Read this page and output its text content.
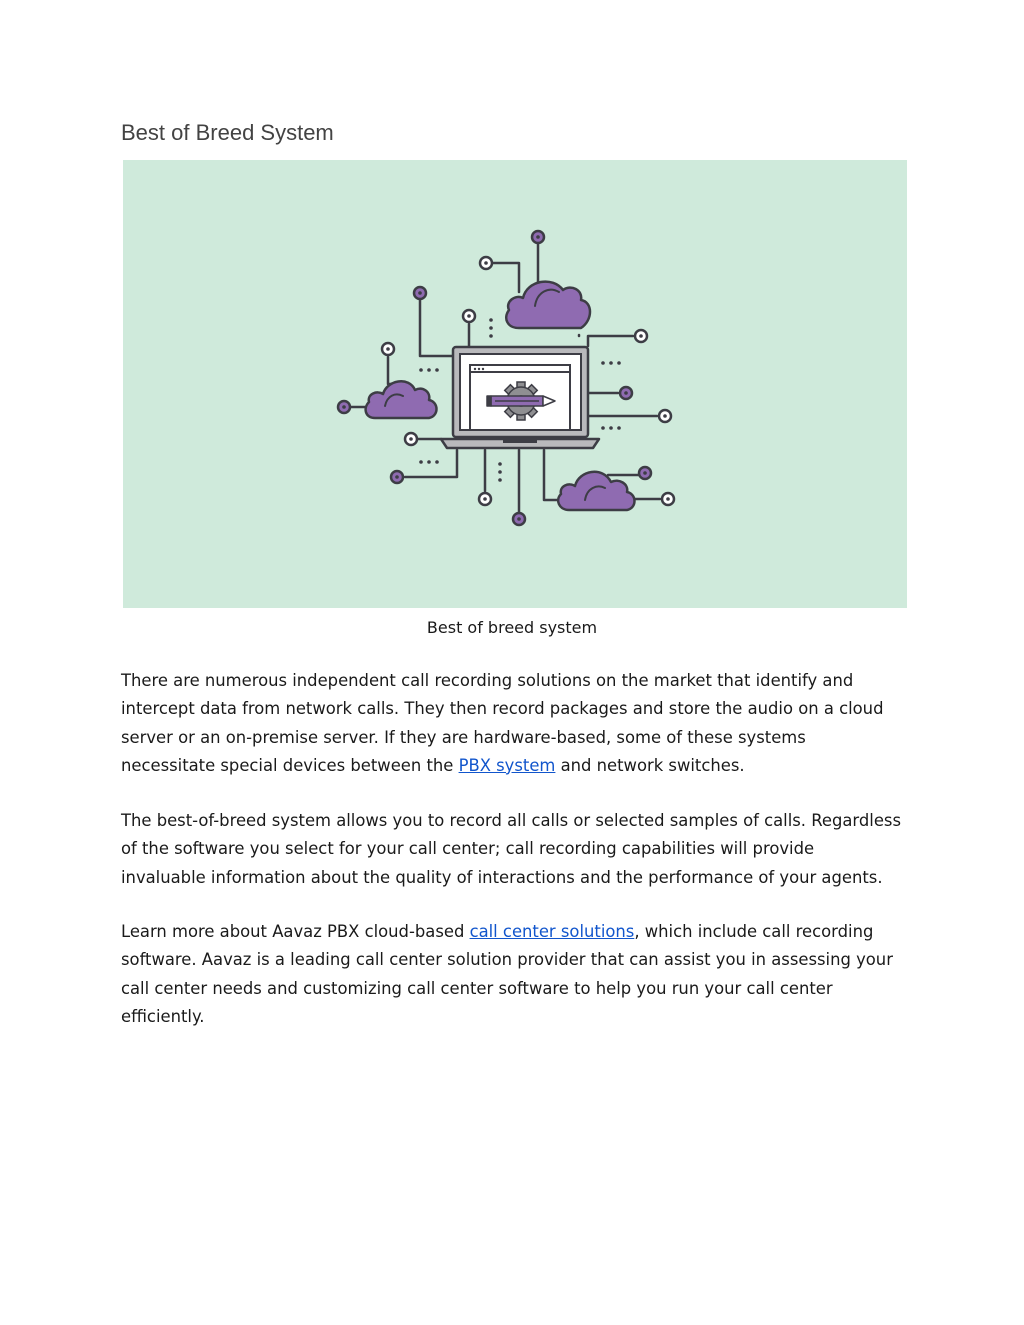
Best of Breed System
Best of breed system

There are numerous independent call recording solutions on the market that identify and intercept data from network calls. They then record packages and store the audio on a cloud server or an on-premise server. If they are hardware-based, some of these systems necessitate special devices between the PBX system and network switches.

The best-of-breed system allows you to record all calls or selected samples of calls. Regardless of the software you select for your call center; call recording capabilities will provide invaluable information about the quality of interactions and the performance of your agents.

Learn more about Aavaz PBX cloud-based call center solutions, which include call recording software. Aavaz is a leading call center solution provider that can assist you in assessing your call center needs and customizing call center software to help you run your call center efficiently.
